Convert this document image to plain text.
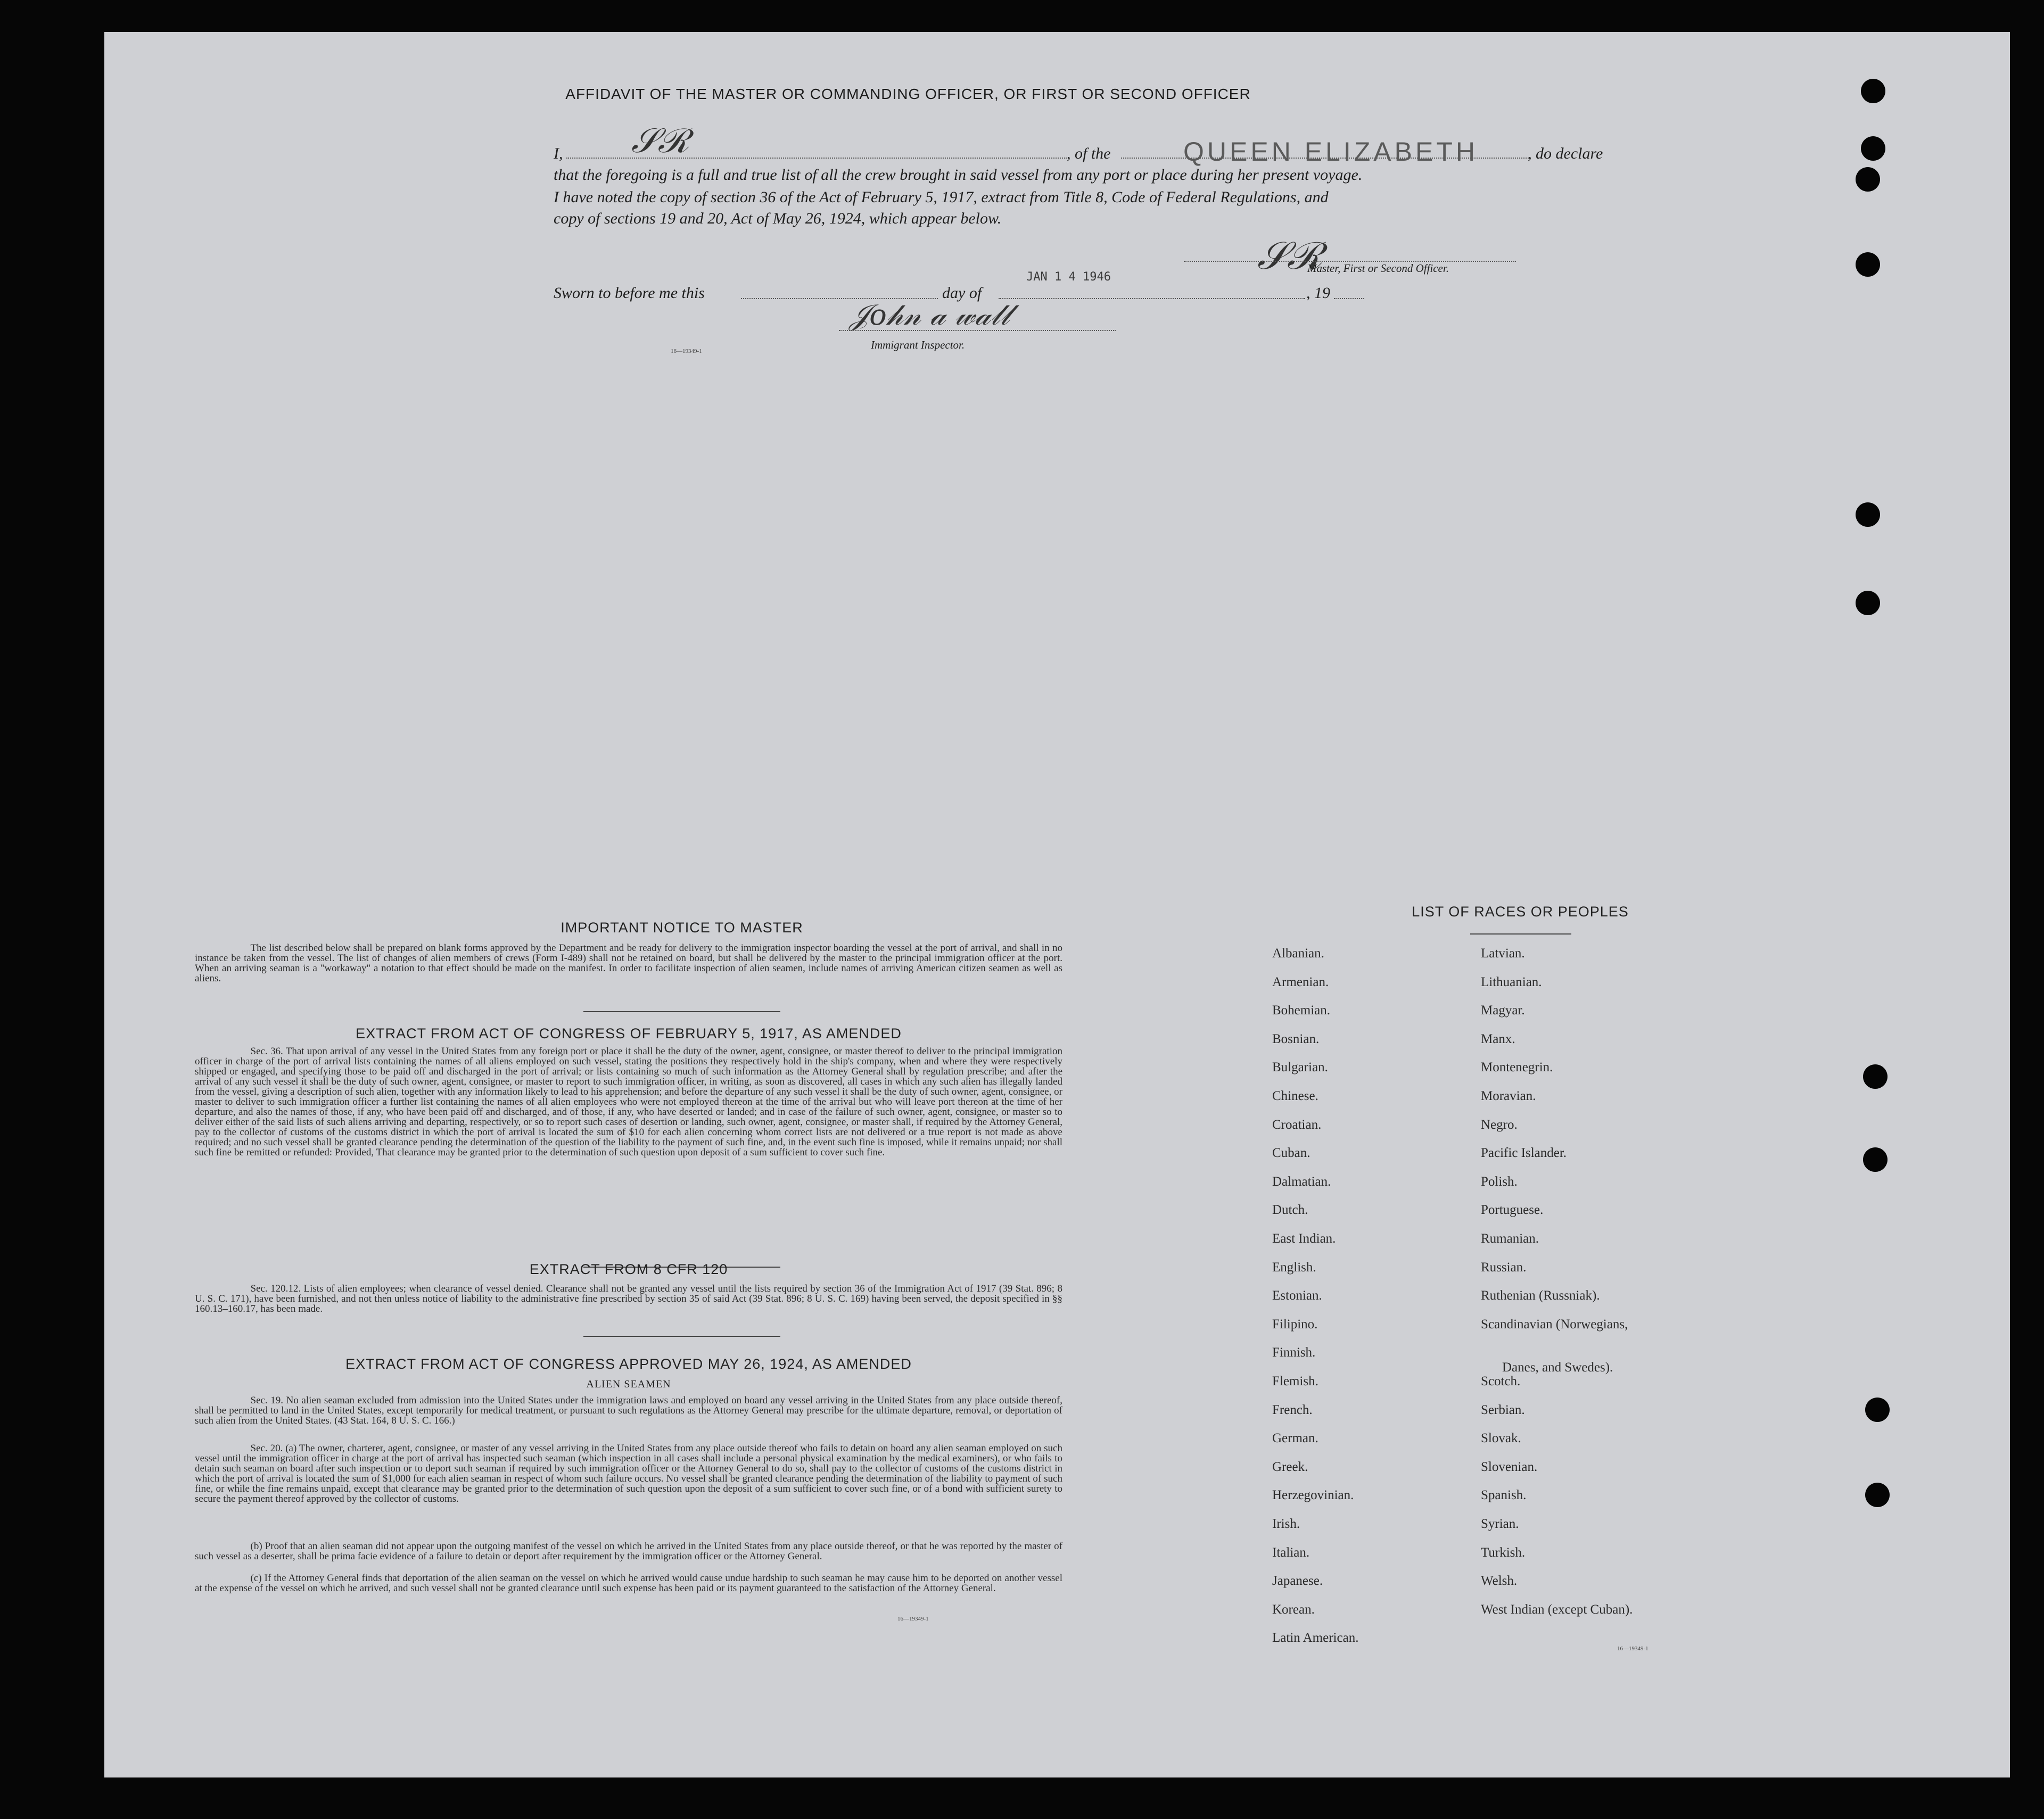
AFFIDAVIT OF THE MASTER OR COMMANDING OFFICER, OR FIRST OR SECOND OFFICER
I, 𝒮ℛ	, of the	QUEEN ELIZABETH	, do declare
that the foregoing is a full and true list of all the crew brought in said vessel from any port or place during her present voyage.
I have noted the copy of section 36 of the Act of February 5, 1917, extract from Title 8, Code of Federal Regulations, and
copy of sections 19 and 20, Act of May 26, 1924, which appear below.
𝒮ℛ
Master, First or Second Officer.
Sworn to before me this	day of
JAN 1 4 1946
, 19
𝒥𝑜𝒽𝓃 𝒶 𝓌𝒶𝓁𝓁
Immigrant Inspector.
16—19349-1
IMPORTANT NOTICE TO MASTER
The list described below shall be prepared on blank forms approved by the Department and be ready for delivery to the immigration inspector boarding the vessel at the port of arrival, and shall in no instance be taken from the vessel. The list of changes of alien members of crews (Form I-489) shall not be retained on board, but shall be delivered by the master to the principal immigration officer at the port. When an arriving seaman is a "workaway" a notation to that effect should be made on the manifest. In order to facilitate inspection of alien seamen, include names of arriving American citizen seamen as well as aliens.
EXTRACT FROM ACT OF CONGRESS OF FEBRUARY 5, 1917, AS AMENDED
Sec. 36. That upon arrival of any vessel in the United States from any foreign port or place it shall be the duty of the owner, agent, consignee, or master thereof to deliver to the principal immigration officer in charge of the port of arrival lists containing the names of all aliens employed on such vessel, stating the positions they respectively hold in the ship's company, when and where they were respectively shipped or engaged, and specifying those to be paid off and discharged in the port of arrival; or lists containing so much of such information as the Attorney General shall by regulation prescribe; and after the arrival of any such vessel it shall be the duty of such owner, agent, consignee, or master to report to such immigration officer, in writing, as soon as discovered, all cases in which any such alien has illegally landed from the vessel, giving a description of such alien, together with any information likely to lead to his apprehension; and before the departure of any such vessel it shall be the duty of such owner, agent, consignee, or master to deliver to such immigration officer a further list containing the names of all alien employees who were not employed thereon at the time of the arrival but who will leave port thereon at the time of her departure, and also the names of those, if any, who have been paid off and discharged, and of those, if any, who have deserted or landed; and in case of the failure of such owner, agent, consignee, or master so to deliver either of the said lists of such aliens arriving and departing, respectively, or so to report such cases of desertion or landing, such owner, agent, consignee, or master shall, if required by the Attorney General, pay to the collector of customs of the customs district in which the port of arrival is located the sum of $10 for each alien concerning whom correct lists are not delivered or a true report is not made as above required; and no such vessel shall be granted clearance pending the determination of the question of the liability to the payment of such fine, and, in the event such fine is imposed, while it remains unpaid; nor shall such fine be remitted or refunded: Provided, That clearance may be granted prior to the determination of such question upon deposit of a sum sufficient to cover such fine.
EXTRACT FROM 8 CFR 120
Sec. 120.12. Lists of alien employees; when clearance of vessel denied. Clearance shall not be granted any vessel until the lists required by section 36 of the Immigration Act of 1917 (39 Stat. 896; 8 U. S. C. 171), have been furnished, and not then unless notice of liability to the administrative fine prescribed by section 35 of said Act (39 Stat. 896; 8 U. S. C. 169) having been served, the deposit specified in §§ 160.13–160.17, has been made.
EXTRACT FROM ACT OF CONGRESS APPROVED MAY 26, 1924, AS AMENDED
ALIEN SEAMEN
Sec. 19. No alien seaman excluded from admission into the United States under the immigration laws and employed on board any vessel arriving in the United States from any place outside thereof, shall be permitted to land in the United States, except temporarily for medical treatment, or pursuant to such regulations as the Attorney General may prescribe for the ultimate departure, removal, or deportation of such alien from the United States. (43 Stat. 164, 8 U. S. C. 166.)
Sec. 20. (a) The owner, charterer, agent, consignee, or master of any vessel arriving in the United States from any place outside thereof who fails to detain on board any alien seaman employed on such vessel until the immigration officer in charge at the port of arrival has inspected such seaman (which inspection in all cases shall include a personal physical examination by the medical examiners), or who fails to detain such seaman on board after such inspection or to deport such seaman if required by such immigration officer or the Attorney General to do so, shall pay to the collector of customs of the customs district in which the port of arrival is located the sum of $1,000 for each alien seaman in respect of whom such failure occurs. No vessel shall be granted clearance pending the determination of the liability to payment of such fine, or while the fine remains unpaid, except that clearance may be granted prior to the determination of such question upon the deposit of a sum sufficient to cover such fine, or of a bond with sufficient surety to secure the payment thereof approved by the collector of customs.
(b) Proof that an alien seaman did not appear upon the outgoing manifest of the vessel on which he arrived in the United States from any place outside thereof, or that he was reported by the master of such vessel as a deserter, shall be prima facie evidence of a failure to detain or deport after requirement by the immigration officer or the Attorney General.
(c) If the Attorney General finds that deportation of the alien seaman on the vessel on which he arrived would cause undue hardship to such seaman he may cause him to be deported on another vessel at the expense of the vessel on which he arrived, and such vessel shall not be granted clearance until such expense has been paid or its payment guaranteed to the satisfaction of the Attorney General.
16—19349-1
LIST OF RACES OR PEOPLES
Albanian.
Armenian.
Bohemian.
Bosnian.
Bulgarian.
Chinese.
Croatian.
Cuban.
Dalmatian.
Dutch.
East Indian.
English.
Estonian.
Filipino.
Finnish.
Flemish.
French.
German.
Greek.
Herzegovinian.
Irish.
Italian.
Japanese.
Korean.
Latin American.
Latvian.
Lithuanian.
Magyar.
Manx.
Montenegrin.
Moravian.
Negro.
Pacific Islander.
Polish.
Portuguese.
Rumanian.
Russian.
Ruthenian (Russniak).
Scandinavian (Norwegians,
Danes, and Swedes).
Scotch.
Serbian.
Slovak.
Slovenian.
Spanish.
Syrian.
Turkish.
Welsh.
West Indian (except Cuban).
16—19349-1
